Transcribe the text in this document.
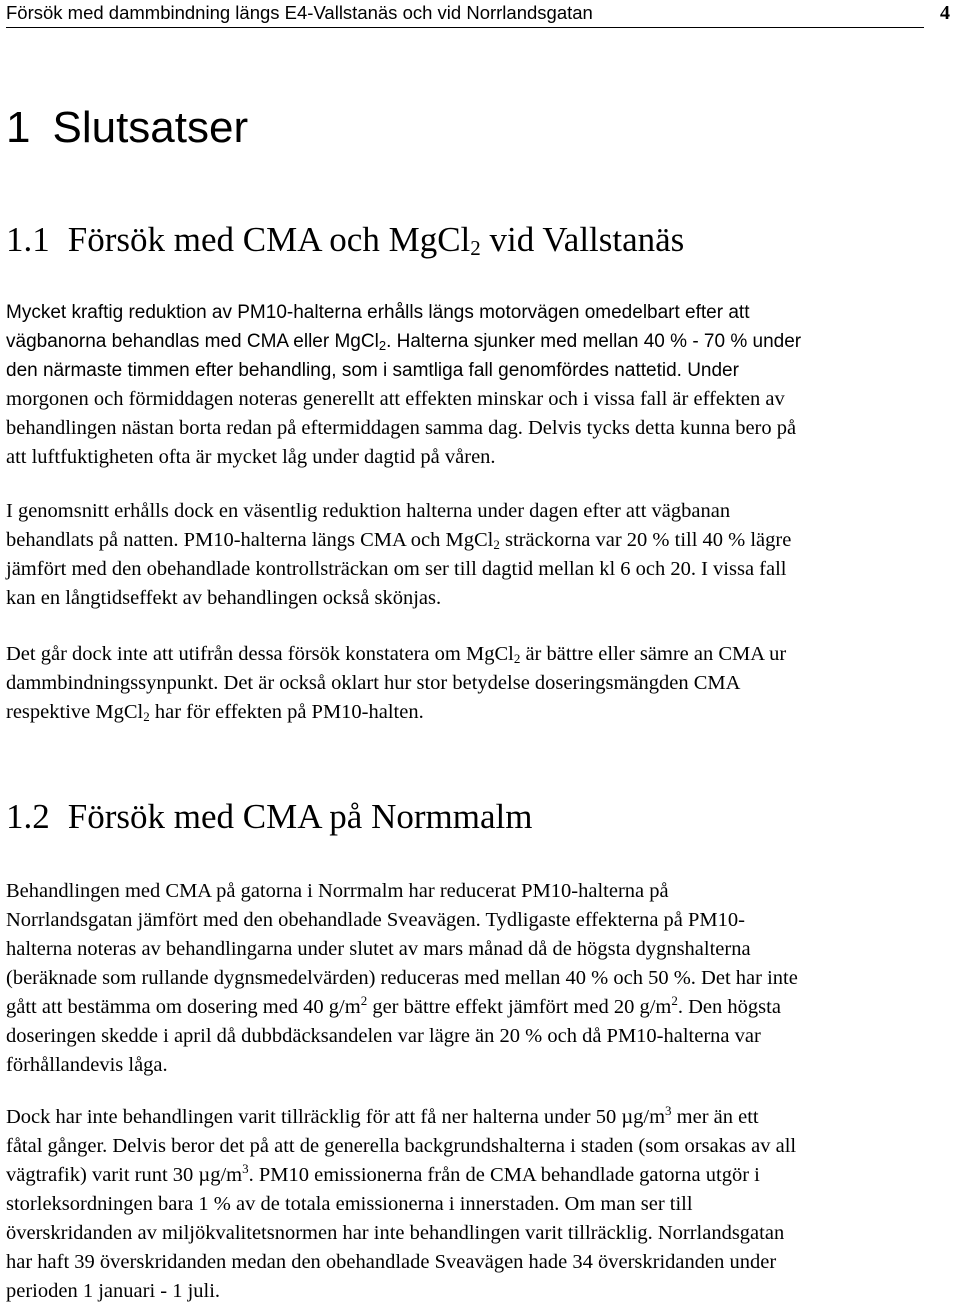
Försök med dammbindning längs E4-Vallstanäs och vid Norrlandsgatan	4
1 Slutsatser
1.1 Försök med CMA och MgCl$_2$ vid Vallstanäs
Mycket kraftig reduktion av PM10-halterna erhålls längs motorvägen omedelbart efter att
vägbanorna behandlas med CMA eller MgCl$_2$. Halterna sjunker med mellan 40 % - 70 % under
den närmaste timmen efter behandling, som i samtliga fall genomfördes nattetid. Under
morgonen och förmiddagen noteras generellt att effekten minskar och i vissa fall är effekten av
behandlingen nästan borta redan på eftermiddagen samma dag. Delvis tycks detta kunna bero på
att luftfuktigheten ofta är mycket låg under dagtid på våren.
I genomsnitt erhålls dock en väsentlig reduktion halterna under dagen efter att vägbanan
behandlats på natten. PM10-halterna längs CMA och MgCl$_2$ sträckorna var 20 % till 40 % lägre
jämfört med den obehandlade kontrollsträckan om ser till dagtid mellan kl 6 och 20. I vissa fall
kan en långtidseffekt av behandlingen också skönjas.
Det går dock inte att utifrån dessa försök konstatera om MgCl$_2$ är bättre eller sämre an CMA ur
dammbindningssynpunkt. Det är också oklart hur stor betydelse doseringsmängden CMA
respektive MgCl$_2$ har för effekten på PM10-halten.
1.2 Försök med CMA på Normmalm
Behandlingen med CMA på gatorna i Norrmalm har reducerat PM10-halterna på
Norrlandsgatan jämfört med den obehandlade Sveavägen. Tydligaste effekterna på PM10-
halterna noteras av behandlingarna under slutet av mars månad då de högsta dygnshalterna
(beräknade som rullande dygnsmedelvärden) reduceras med mellan 40 % och 50 %. Det har inte
gått att bestämma om dosering med 40 $g/m^2$ ger bättre effekt jämfört med 20 $g/m^2$. Den högsta
doseringen skedde i april då dubbdäcksandelen var lägre än 20 % och då PM10-halterna var
förhållandevis låga.
Dock har inte behandlingen varit tillräcklig för att få ner halterna under 50 $\mu g/m^3$ mer än ett
fåtal gånger. Delvis beror det på att de generella backgrundshalterna i staden (som orsakas av all
vägtrafik) varit runt 30 $\mu g/m^3$. PM10 emissionerna från de CMA behandlade gatorna utgör i
storleksordningen bara 1 % av de totala emissionerna i innerstaden. Om man ser till
överskridanden av miljökvalitetsnormen har inte behandlingen varit tillräcklig. Norrlandsgatan
har haft 39 överskridanden medan den obehandlade Sveavägen hade 34 överskridanden under
perioden 1 januari - 1 juli.
